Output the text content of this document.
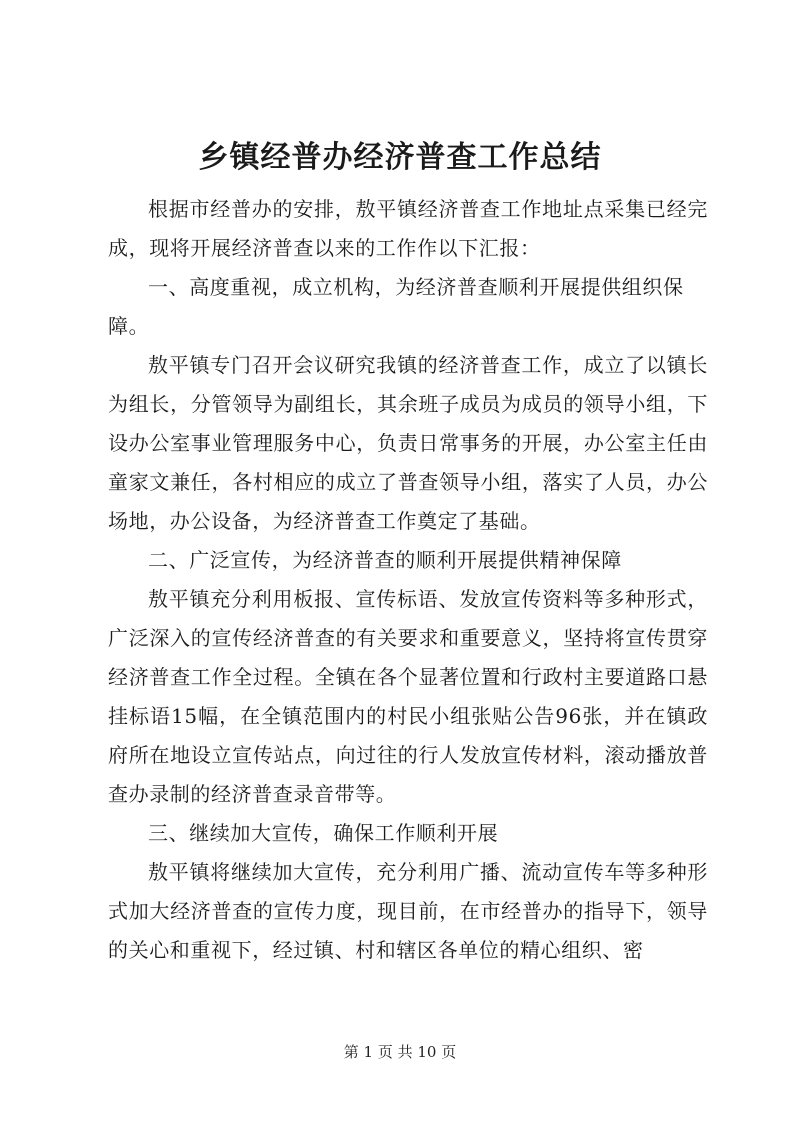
乡镇经普办经济普查工作总结

根据市经普办的安排，敖平镇经济普查工作地址点采集已经完成，现将开展经济普查以来的工作作以下汇报：

一、高度重视，成立机构，为经济普查顺利开展提供组织保障。

敖平镇专门召开会议研究我镇的经济普查工作，成立了以镇长为组长，分管领导为副组长，其余班子成员为成员的领导小组，下设办公室事业管理服务中心，负责日常事务的开展，办公室主任由童家文兼任，各村相应的成立了普查领导小组，落实了人员，办公场地，办公设备，为经济普查工作奠定了基础。

二、广泛宣传，为经济普查的顺利开展提供精神保障

敖平镇充分利用板报、宣传标语、发放宣传资料等多种形式，广泛深入的宣传经济普查的有关要求和重要意义，坚持将宣传贯穿经济普查工作全过程。全镇在各个显著位置和行政村主要道路口悬挂标语15幅，在全镇范围内的村民小组张贴公告96张，并在镇政府所在地设立宣传站点，向过往的行人发放宣传材料，滚动播放普查办录制的经济普查录音带等。

三、继续加大宣传，确保工作顺利开展

敖平镇将继续加大宣传，充分利用广播、流动宣传车等多种形式加大经济普查的宣传力度，现目前，在市经普办的指导下，领导的关心和重视下，经过镇、村和辖区各单位的精心组织、密

第 1 页 共 10 页
